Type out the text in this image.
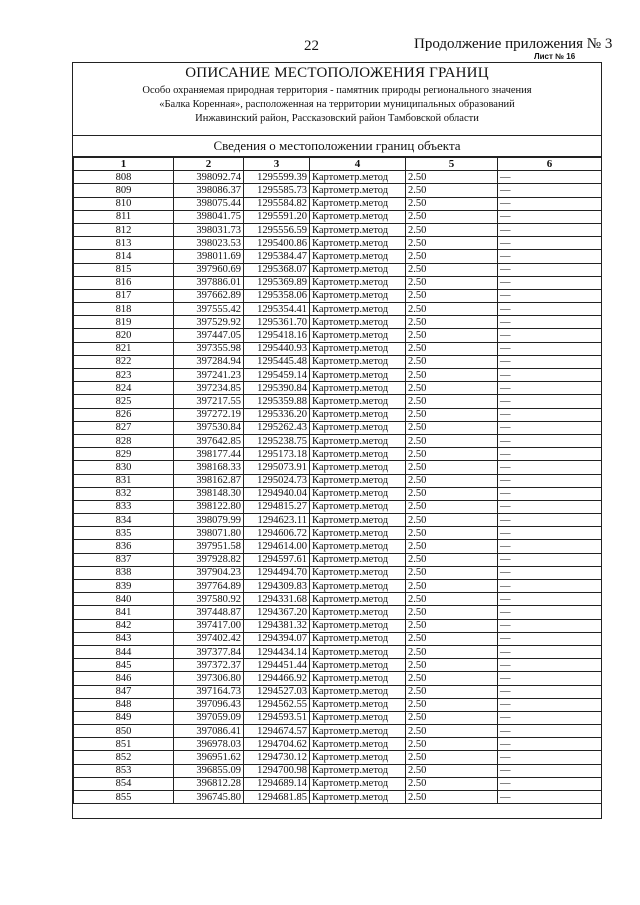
22	Продолжение приложения № 3
Лист № 16
ОПИСАНИЕ МЕСТОПОЛОЖЕНИЯ ГРАНИЦ
Особо охраняемая природная территория - памятник природы регионального значения
«Балка Коренная», расположенная на территории муниципальных образований
Инжавинский район, Рассказовский район Тамбовской области
Сведения о местоположении границ объекта
1	2	3	4	5	6
808	398092.74	1295599.39	Картометр.метод	2.50	—
809	398086.37	1295585.73	Картометр.метод	2.50	—
810	398075.44	1295584.82	Картометр.метод	2.50	—
811	398041.75	1295591.20	Картометр.метод	2.50	—
812	398031.73	1295556.59	Картометр.метод	2.50	—
813	398023.53	1295400.86	Картометр.метод	2.50	—
814	398011.69	1295384.47	Картометр.метод	2.50	—
815	397960.69	1295368.07	Картометр.метод	2.50	—
816	397886.01	1295369.89	Картометр.метод	2.50	—
817	397662.89	1295358.06	Картометр.метод	2.50	—
818	397555.42	1295354.41	Картометр.метод	2.50	—
819	397529.92	1295361.70	Картометр.метод	2.50	—
820	397447.05	1295418.16	Картометр.метод	2.50	—
821	397355.98	1295440.93	Картометр.метод	2.50	—
822	397284.94	1295445.48	Картометр.метод	2.50	—
823	397241.23	1295459.14	Картометр.метод	2.50	—
824	397234.85	1295390.84	Картометр.метод	2.50	—
825	397217.55	1295359.88	Картометр.метод	2.50	—
826	397272.19	1295336.20	Картометр.метод	2.50	—
827	397530.84	1295262.43	Картометр.метод	2.50	—
828	397642.85	1295238.75	Картометр.метод	2.50	—
829	398177.44	1295173.18	Картометр.метод	2.50	—
830	398168.33	1295073.91	Картометр.метод	2.50	—
831	398162.87	1295024.73	Картометр.метод	2.50	—
832	398148.30	1294940.04	Картометр.метод	2.50	—
833	398122.80	1294815.27	Картометр.метод	2.50	—
834	398079.99	1294623.11	Картометр.метод	2.50	—
835	398071.80	1294606.72	Картометр.метод	2.50	—
836	397951.58	1294614.00	Картометр.метод	2.50	—
837	397928.82	1294597.61	Картометр.метод	2.50	—
838	397904.23	1294494.70	Картометр.метод	2.50	—
839	397764.89	1294309.83	Картометр.метод	2.50	—
840	397580.92	1294331.68	Картометр.метод	2.50	—
841	397448.87	1294367.20	Картометр.метод	2.50	—
842	397417.00	1294381.32	Картометр.метод	2.50	—
843	397402.42	1294394.07	Картометр.метод	2.50	—
844	397377.84	1294434.14	Картометр.метод	2.50	—
845	397372.37	1294451.44	Картометр.метод	2.50	—
846	397306.80	1294466.92	Картометр.метод	2.50	—
847	397164.73	1294527.03	Картометр.метод	2.50	—
848	397096.43	1294562.55	Картометр.метод	2.50	—
849	397059.09	1294593.51	Картометр.метод	2.50	—
850	397086.41	1294674.57	Картометр.метод	2.50	—
851	396978.03	1294704.62	Картометр.метод	2.50	—
852	396951.62	1294730.12	Картометр.метод	2.50	—
853	396855.09	1294700.98	Картометр.метод	2.50	—
854	396812.28	1294689.14	Картометр.метод	2.50	—
855	396745.80	1294681.85	Картометр.метод	2.50	—
